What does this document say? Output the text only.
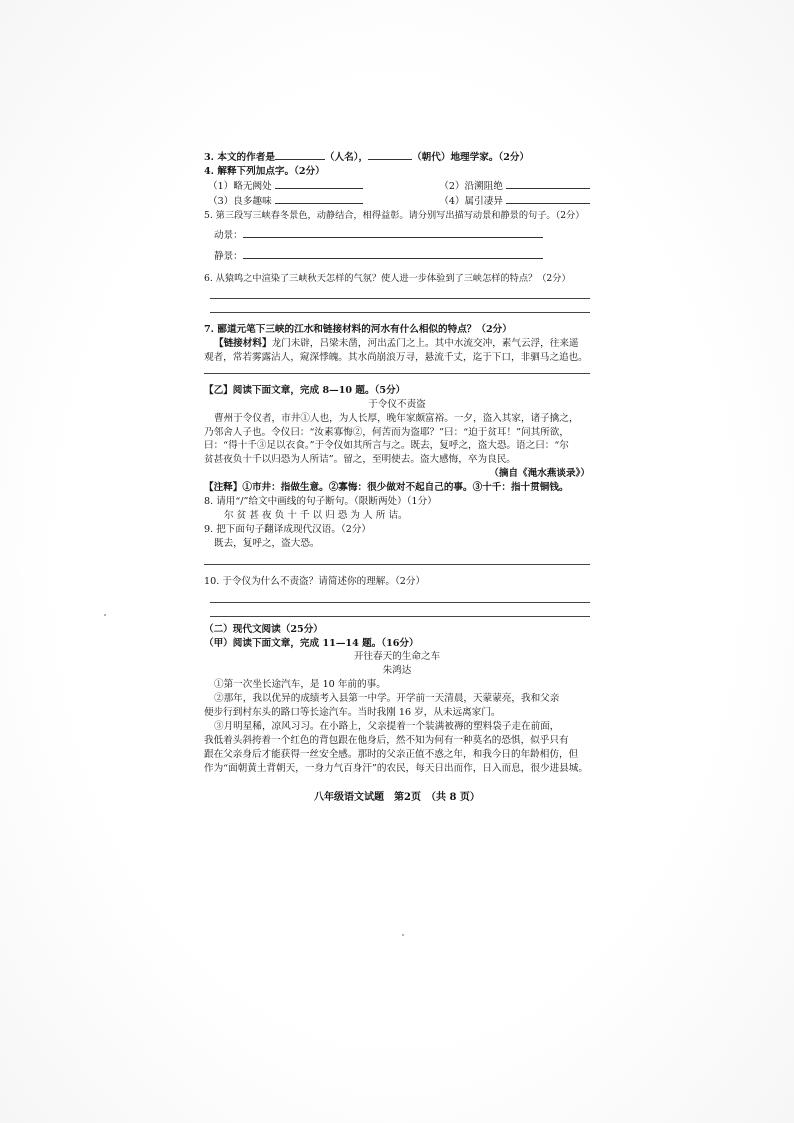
3. 本文的作者是	（人名），	（朝代）地理学家。（2分）

4. 解释下列加点字。（2分）

（1）略无阙处	（2）沿溯阻绝
（3）良多趣味	（4）属引凄异

5. 第三段写三峡春冬景色，动静结合，相得益彰。请分别写出描写动景和静景的句子。（2分）

动景：

静景：

6. 从猿鸣之中渲染了三峡秋天怎样的气氛？使人进一步体验到了三峡怎样的特点？（2分）

7. 郦道元笔下三峡的江水和链接材料的河水有什么相似的特点？（2分）

【链接材料】龙门未辟，吕梁未凿，河出孟门之上。其中水流交冲，素气云浮，往来遥

观者，常若雾露沾人，窥深悸魄。其水尚崩浪万寻，悬流千丈，迄于下口，非驷马之追也。

【乙】阅读下面文章，完成 8—10 题。（5分）

于令仪不责盗

曹州于令仪者，市井①人也，为人长厚，晚年家颇富裕。一夕，盗入其家，诸子擒之，

乃邻舍人子也。令仪曰：“汝素寡悔②，何苦而为盗耶？”曰：“迫于贫耳！”问其所欲，

曰：“得十千③足以衣食。”于令仪如其所言与之。既去，复呼之，盗大恐。语之曰：“尔

贫甚夜负十千以归恐为人所诘”。留之，至明使去。盗大感悔，卒为良民。

（摘自《渑水燕谈录》）

【注释】①市井：指做生意。②寡悔：很少做对不起自己的事。③十千：指十贯铜钱。

8. 请用“/”给文中画线的句子断句。（限断两处）（1分）

尔 贫 甚 夜 负 十 千 以 归 恐 为 人 所 诘。

9. 把下面句子翻译成现代汉语。（2分）

既去，复呼之，盗大恐。

10. 于令仪为什么不责盗？请简述你的理解。（2分）

（二）现代文阅读（25分）

（甲）阅读下面文章，完成 11—14 题。（16分）

开往春天的生命之车

朱鸿达

①第一次坐长途汽车，是 10 年前的事。

②那年，我以优异的成绩考入县第一中学。开学前一天清晨，天蒙蒙亮，我和父亲

便步行到村东头的路口等长途汽车。当时我刚 16 岁，从未远离家门。

③月明星稀，凉风习习。在小路上，父亲提着一个装满被褥的塑料袋子走在前面，

我低着头斜挎着一个红色的背包跟在他身后，然不知为何有一种莫名的恐惧，似乎只有

跟在父亲身后才能获得一丝安全感。那时的父亲正值不惑之年，和我今日的年龄相仿，但

作为“面朝黄土背朝天，一身力气百身汗”的农民，每天日出而作，日入而息，很少进县城。

八年级语文试题　第2页　（共 8 页）
